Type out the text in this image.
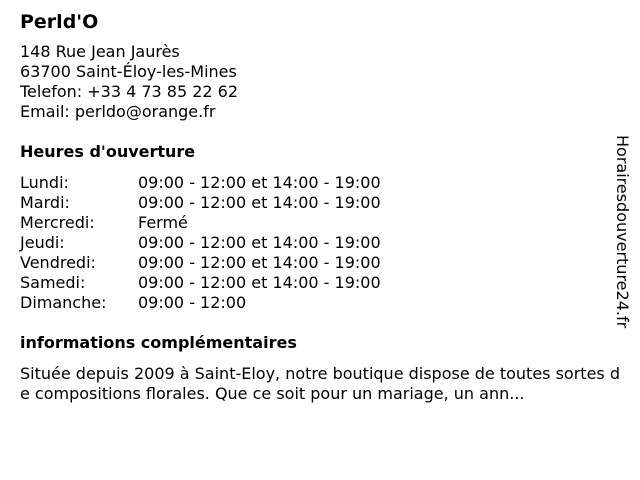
Perld'O
148 Rue Jean Jaurès
63700 Saint-Éloy-les-Mines
Telefon: +33 4 73 85 22 62
Email: perldo@orange.fr
Heures d'ouverture
Lundi:	09:00 - 12:00 et 14:00 - 19:00
Mardi:	09:00 - 12:00 et 14:00 - 19:00
Mercredi:	Fermé
Jeudi:	09:00 - 12:00 et 14:00 - 19:00
Vendredi:	09:00 - 12:00 et 14:00 - 19:00
Samedi:	09:00 - 12:00 et 14:00 - 19:00
Dimanche: 09:00 - 12:00
informations complémentaires
Située depuis 2009 à Saint-Eloy, notre boutique dispose de toutes sortes de compositions florales. Que ce soit pour un mariage, un ann...
Horairesdouverture24.fr
